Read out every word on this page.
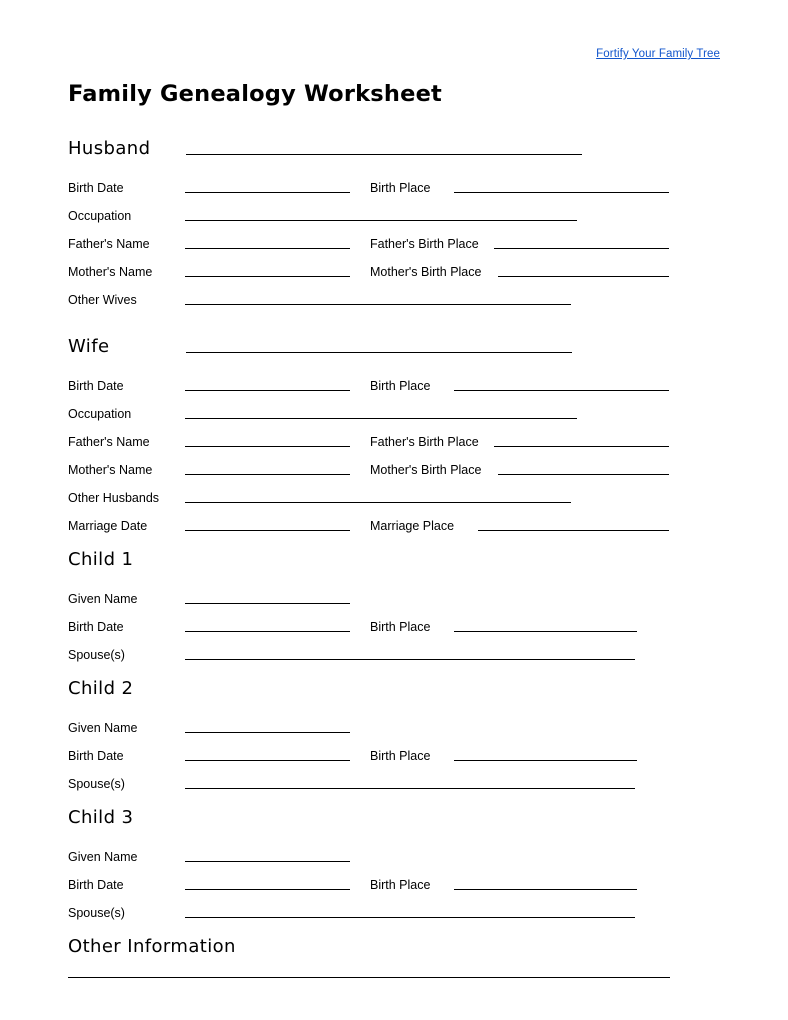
Fortify Your Family Tree
Family Genealogy Worksheet
Husband
Birth Date	Birth Place
Occupation
Father's Name	Father's Birth Place
Mother's Name	Mother's Birth Place
Other Wives
Wife
Birth Date	Birth Place
Occupation
Father's Name	Father's Birth Place
Mother's Name	Mother's Birth Place
Other Husbands
Marriage Date	Marriage Place
Child 1
Given Name
Birth Date	Birth Place
Spouse(s)
Child 2
Given Name
Birth Date	Birth Place
Spouse(s)
Child 3
Given Name
Birth Date	Birth Place
Spouse(s)
Other Information
